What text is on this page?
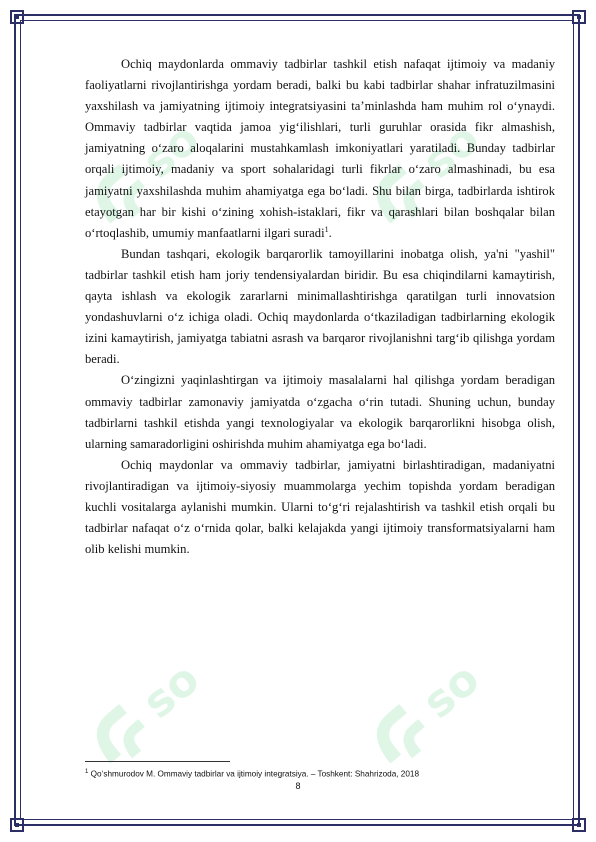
so	so
so	so

Ochiq maydonlarda ommaviy tadbirlar tashkil etish nafaqat ijtimoiy va madaniy faoliyatlarni rivojlantirishga yordam beradi, balki bu kabi tadbirlar shahar infratuzilmasini yaxshilash va jamiyatning ijtimoiy integratsiyasini ta’minlashda ham muhim rol o‘ynaydi. Ommaviy tadbirlar vaqtida jamoa yig‘ilishlari, turli guruhlar orasida fikr almashish, jamiyatning o‘zaro aloqalarini mustahkamlash imkoniyatlari yaratiladi. Bunday tadbirlar orqali ijtimoiy, madaniy va sport sohalaridagi turli fikrlar o‘zaro almashinadi, bu esa jamiyatni yaxshilashda muhim ahamiyatga ega bo‘ladi. Shu bilan birga, tadbirlarda ishtirok etayotgan har bir kishi o‘zining xohish-istaklari, fikr va qarashlari bilan boshqalar bilan o‘rtoqlashib, umumiy manfaatlarni ilgari suradi$^1$.

Bundan tashqari, ekologik barqarorlik tamoyillarini inobatga olish, ya'ni "yashil" tadbirlar tashkil etish ham joriy tendensiyalardan biridir. Bu esa chiqindilarni kamaytirish, qayta ishlash va ekologik zararlarni minimallashtirishga qaratilgan turli innovatsion yondashuvlarni o‘z ichiga oladi. Ochiq maydonlarda o‘tkaziladigan tadbirlarning ekologik izini kamaytirish, jamiyatga tabiatni asrash va barqaror rivojlanishni targ‘ib qilishga yordam beradi.

O‘zingizni yaqinlashtirgan va ijtimoiy masalalarni hal qilishga yordam beradigan ommaviy tadbirlar zamonaviy jamiyatda o‘zgacha o‘rin tutadi. Shuning uchun, bunday tadbirlarni tashkil etishda yangi texnologiyalar va ekologik barqarorlikni hisobga olish, ularning samaradorligini oshirishda muhim ahamiyatga ega bo‘ladi.

Ochiq maydonlar va ommaviy tadbirlar, jamiyatni birlashtiradigan, madaniyatni rivojlantiradigan va ijtimoiy-siyosiy muammolarga yechim topishda yordam beradigan kuchli vositalarga aylanishi mumkin. Ularni to‘g‘ri rejalashtirish va tashkil etish orqali bu tadbirlar nafaqat o‘z o‘rnida qolar, balki kelajakda yangi ijtimoiy transformatsiyalarni ham olib kelishi mumkin.

$^1$ Qo‘shmurodov M. Ommaviy tadbirlar va ijtimoiy integratsiya. – Toshkent: Shahrizoda, 2018
8
